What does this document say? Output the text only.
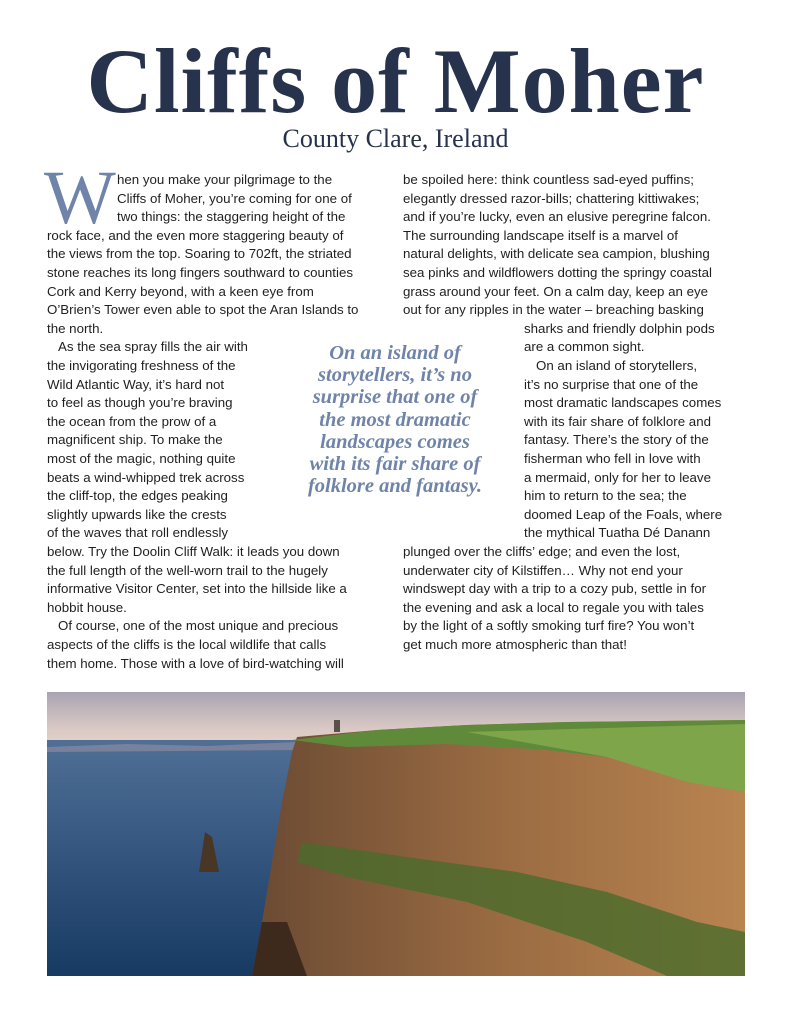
Cliffs of Moher
County Clare, Ireland
W hen you make your pilgrimage to the
Cliffs of Moher, you’re coming for one of
two things: the staggering height of the
rock face, and the even more staggering beauty of
the views from the top. Soaring to 702ft, the striated
stone reaches its long fingers southward to counties
Cork and Kerry beyond, with a keen eye from
O’Brien’s Tower even able to spot the Aran Islands to
the north.
As the sea spray fills the air with
the invigorating freshness of the
Wild Atlantic Way, it’s hard not
to feel as though you’re braving
the ocean from the prow of a
magnificent ship. To make the
most of the magic, nothing quite
beats a wind-whipped trek across
the cliff-top, the edges peaking
slightly upwards like the crests
of the waves that roll endlessly
below. Try the Doolin Cliff Walk: it leads you down
the full length of the well-worn trail to the hugely
informative Visitor Center, set into the hillside like a
hobbit house.
Of course, one of the most unique and precious
aspects of the cliffs is the local wildlife that calls
them home. Those with a love of bird-watching will
be spoiled here: think countless sad-eyed puffins;
elegantly dressed razor-bills; chattering kittiwakes;
and if you’re lucky, even an elusive peregrine falcon.
The surrounding landscape itself is a marvel of
natural delights, with delicate sea campion, blushing
sea pinks and wildflowers dotting the springy coastal
grass around your feet. On a calm day, keep an eye
out for any ripples in the water – breaching basking
sharks and friendly dolphin pods
are a common sight.
On an island of storytellers,
it’s no surprise that one of the
most dramatic landscapes comes
with its fair share of folklore and
fantasy. There’s the story of the
fisherman who fell in love with
a mermaid, only for her to leave
him to return to the sea; the
doomed Leap of the Foals, where
the mythical Tuatha Dé Danann
plunged over the cliffs’ edge; and even the lost,
underwater city of Kilstiffen… Why not end your
windswept day with a trip to a cozy pub, settle in for
the evening and ask a local to regale you with tales
by the light of a softly smoking turf fire? You won’t
get much more atmospheric than that!
On an island of
storytellers, it’s no
surprise that one of
the most dramatic
landscapes comes
with its fair share of
folklore and fantasy.
